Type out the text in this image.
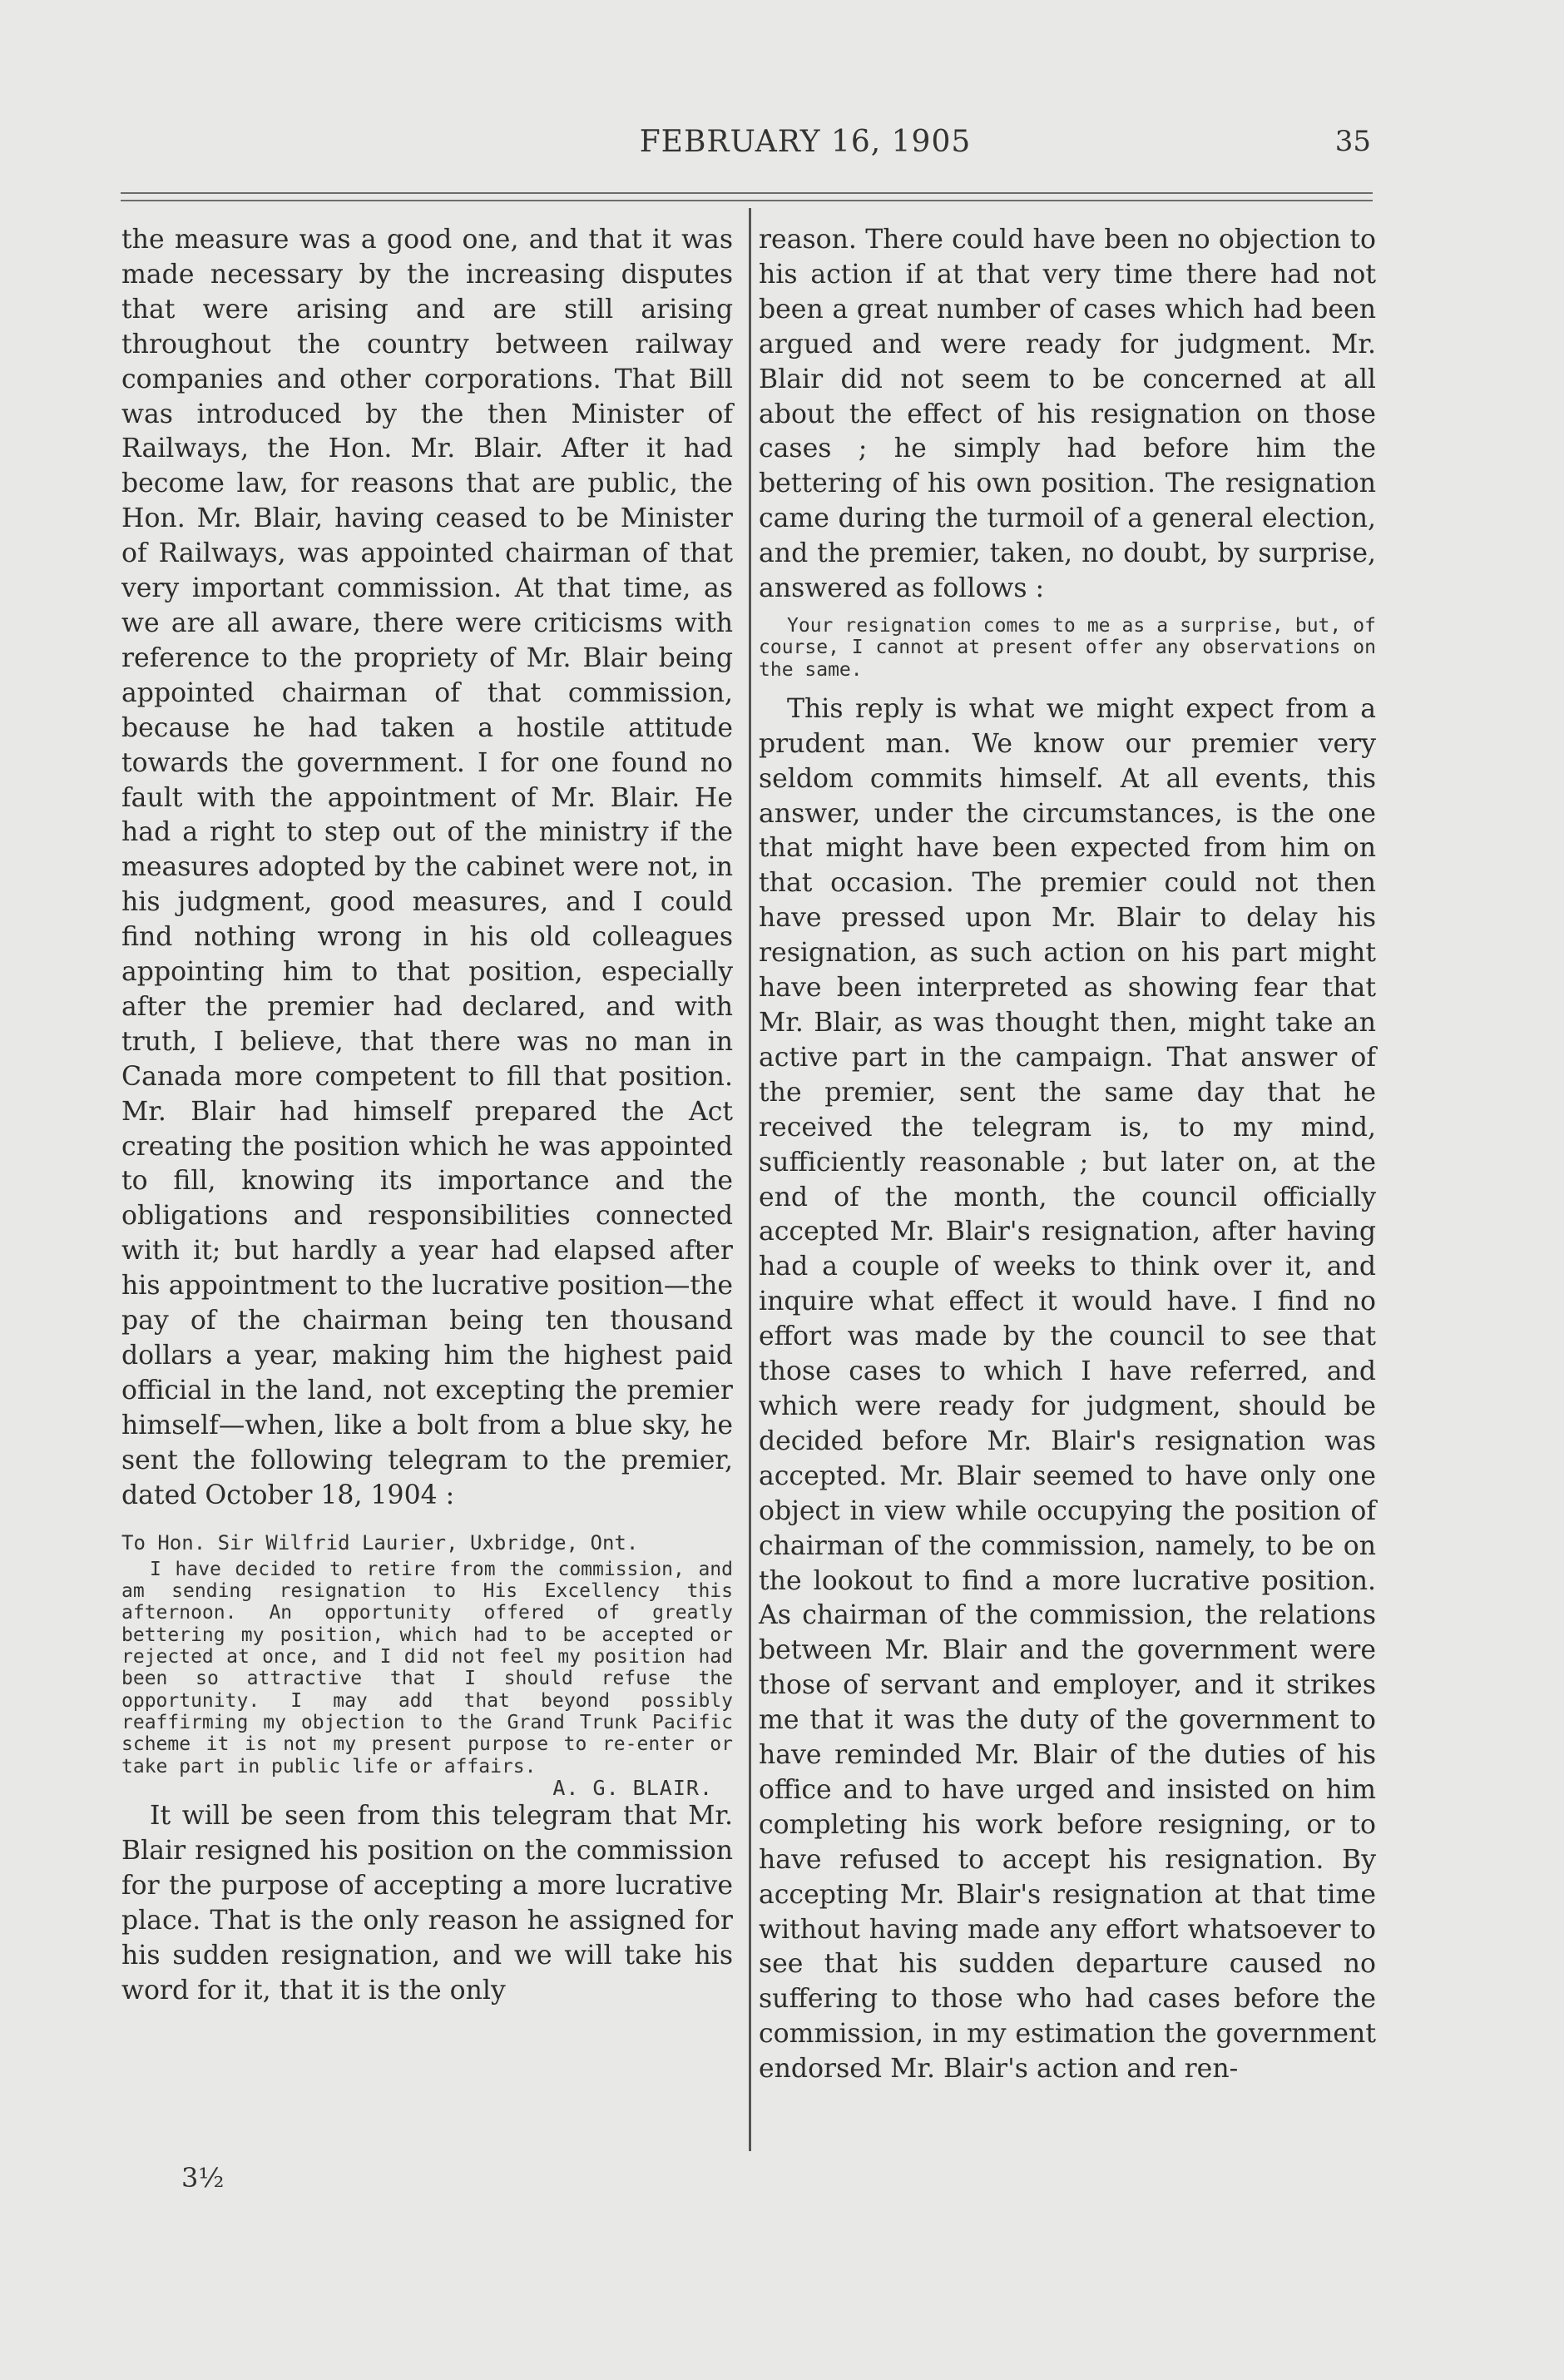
FEBRUARY 16, 1905	35

the measure was a good one, and that it was made necessary by the increasing disputes that were arising and are still arising throughout the country between railway companies and other corporations. That Bill was introduced by the then Minister of Railways, the Hon. Mr. Blair. After it had become law, for reasons that are public, the Hon. Mr. Blair, having ceased to be Minister of Railways, was appointed chairman of that very important commission. At that time, as we are all aware, there were criticisms with reference to the propriety of Mr. Blair being appointed chairman of that commission, because he had taken a hostile attitude towards the government. I for one found no fault with the appointment of Mr. Blair. He had a right to step out of the ministry if the measures adopted by the cabinet were not, in his judgment, good measures, and I could find nothing wrong in his old colleagues appointing him to that position, especially after the premier had declared, and with truth, I believe, that there was no man in Canada more competent to fill that position. Mr. Blair had himself prepared the Act creating the position which he was appointed to fill, knowing its importance and the obligations and responsibilities connected with it; but hardly a year had elapsed after his appointment to the lucrative position—the pay of the chairman being ten thousand dollars a year, making him the highest paid official in the land, not excepting the premier himself—when, like a bolt from a blue sky, he sent the following telegram to the premier, dated October 18, 1904 :

To Hon. Sir Wilfrid Laurier, Uxbridge, Ont.
I have decided to retire from the commission, and am sending resignation to His Excellency this afternoon. An opportunity offered of greatly bettering my position, which had to be accepted or rejected at once, and I did not feel my position had been so attractive that I should refuse the opportunity. I may add that beyond possibly reaffirming my objection to the Grand Trunk Pacific scheme it is not my present purpose to re-enter or take part in public life or affairs.
A. G. BLAIR.

It will be seen from this telegram that Mr. Blair resigned his position on the commission for the purpose of accepting a more lucrative place. That is the only reason he assigned for his sudden resignation, and we will take his word for it, that it is the only

3½

reason. There could have been no objection to his action if at that very time there had not been a great number of cases which had been argued and were ready for judgment. Mr. Blair did not seem to be concerned at all about the effect of his resignation on those cases ; he simply had before him the bettering of his own position. The resignation came during the turmoil of a general election, and the premier, taken, no doubt, by surprise, answered as follows :

Your resignation comes to me as a surprise, but, of course, I cannot at present offer any observations on the same.

This reply is what we might expect from a prudent man. We know our premier very seldom commits himself. At all events, this answer, under the circumstances, is the one that might have been expected from him on that occasion. The premier could not then have pressed upon Mr. Blair to delay his resignation, as such action on his part might have been interpreted as showing fear that Mr. Blair, as was thought then, might take an active part in the campaign. That answer of the premier, sent the same day that he received the telegram is, to my mind, sufficiently reasonable ; but later on, at the end of the month, the council officially accepted Mr. Blair's resignation, after having had a couple of weeks to think over it, and inquire what effect it would have. I find no effort was made by the council to see that those cases to which I have referred, and which were ready for judgment, should be decided before Mr. Blair's resignation was accepted. Mr. Blair seemed to have only one object in view while occupying the position of chairman of the commission, namely, to be on the lookout to find a more lucrative position. As chairman of the commission, the relations between Mr. Blair and the government were those of servant and employer, and it strikes me that it was the duty of the government to have reminded Mr. Blair of the duties of his office and to have urged and insisted on him completing his work before resigning, or to have refused to accept his resignation. By accepting Mr. Blair's resignation at that time without having made any effort whatsoever to see that his sudden departure caused no suffering to those who had cases before the commission, in my estimation the government endorsed Mr. Blair's action and ren-
